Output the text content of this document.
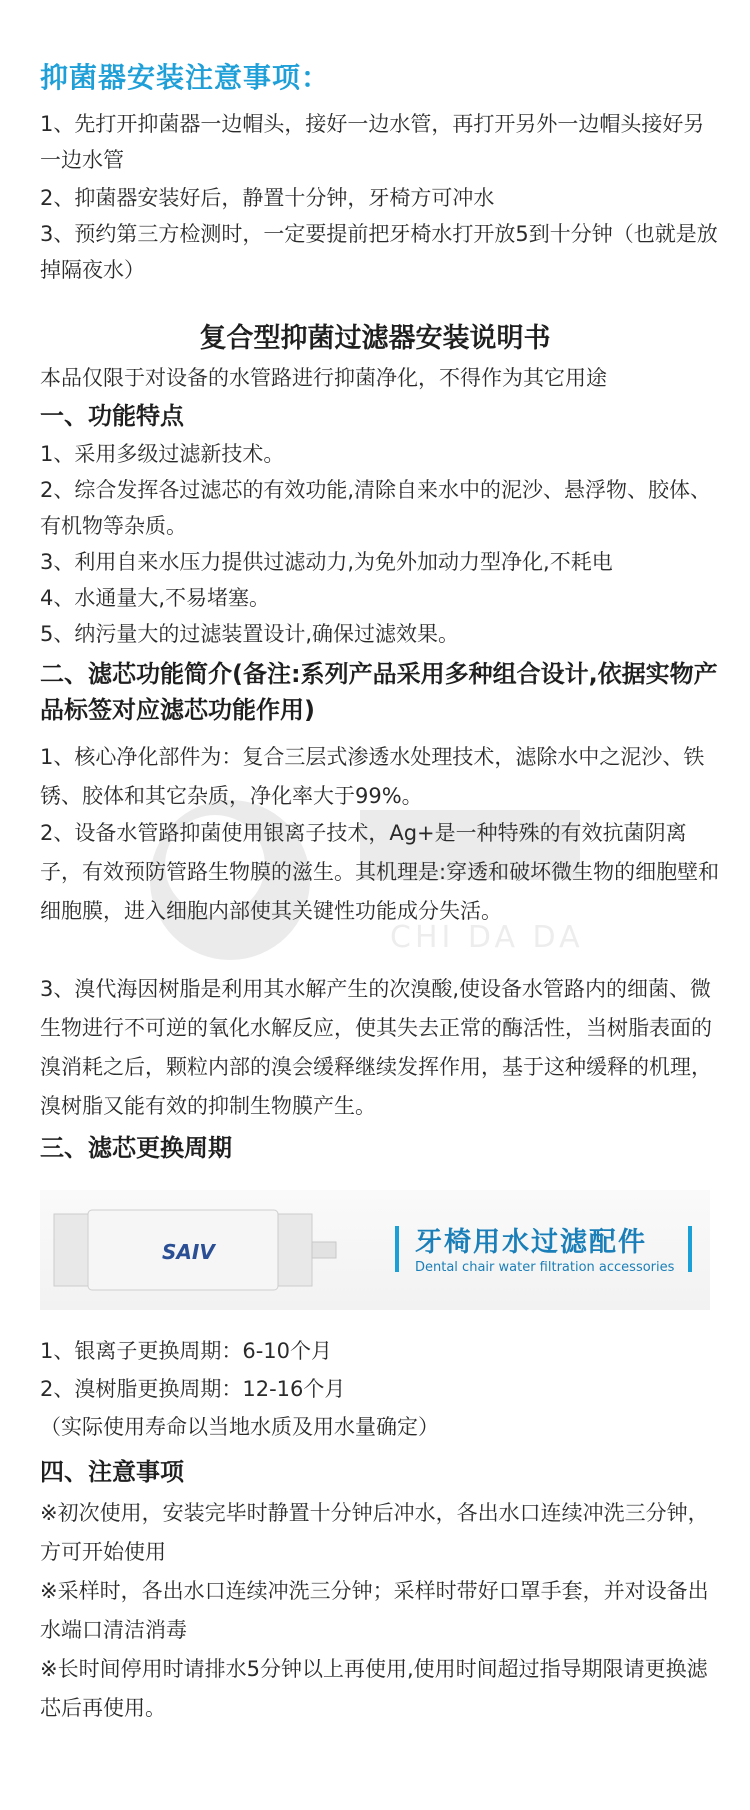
抑菌器安装注意事项：
1、先打开抑菌器一边帽头，接好一边水管，再打开另外一边帽头接好另一边水管
2、抑菌器安装好后，静置十分钟，牙椅方可冲水
3、预约第三方检测时，一定要提前把牙椅水打开放5到十分钟（也就是放掉隔夜水）
复合型抑菌过滤器安装说明书
本品仅限于对设备的水管路进行抑菌净化，不得作为其它用途
一、功能特点
1、采用多级过滤新技术。
2、综合发挥各过滤芯的有效功能,清除自来水中的泥沙、悬浮物、胶体、有机物等杂质。
3、利用自来水压力提供过滤动力,为免外加动力型净化,不耗电
4、水通量大,不易堵塞。
5、纳污量大的过滤装置设计,确保过滤效果。
二、滤芯功能简介(备注:系列产品采用多种组合设计,依据实物产品标签对应滤芯功能作用)
CHI DA DA
1、核心净化部件为：复合三层式渗透水处理技术，滤除水中之泥沙、铁锈、胶体和其它杂质，净化率大于99%。
2、设备水管路抑菌使用银离子技术，Ag+是一种特殊的有效抗菌阴离子，有效预防管路生物膜的滋生。其机理是:穿透和破坏微生物的细胞壁和细胞膜，进入细胞内部使其关键性功能成分失活。
3、溴代海因树脂是利用其水解产生的次溴酸,使设备水管路内的细菌、微生物进行不可逆的氧化水解反应，使其失去正常的酶活性，当树脂表面的溴消耗之后，颗粒内部的溴会缓释继续发挥作用，基于这种缓释的机理，溴树脂又能有效的抑制生物膜产生。
三、滤芯更换周期
SAIV	牙椅用水过滤配件
Dental chair water filtration accessories
1、银离子更换周期：6-10个月
2、溴树脂更换周期：12-16个月
（实际使用寿命以当地水质及用水量确定）
四、注意事项
※初次使用，安装完毕时静置十分钟后冲水，各出水口连续冲洗三分钟，方可开始使用
※采样时，各出水口连续冲洗三分钟；采样时带好口罩手套，并对设备出水端口清洁消毒
※长时间停用时请排水5分钟以上再使用,使用时间超过指导期限请更换滤芯后再使用。
